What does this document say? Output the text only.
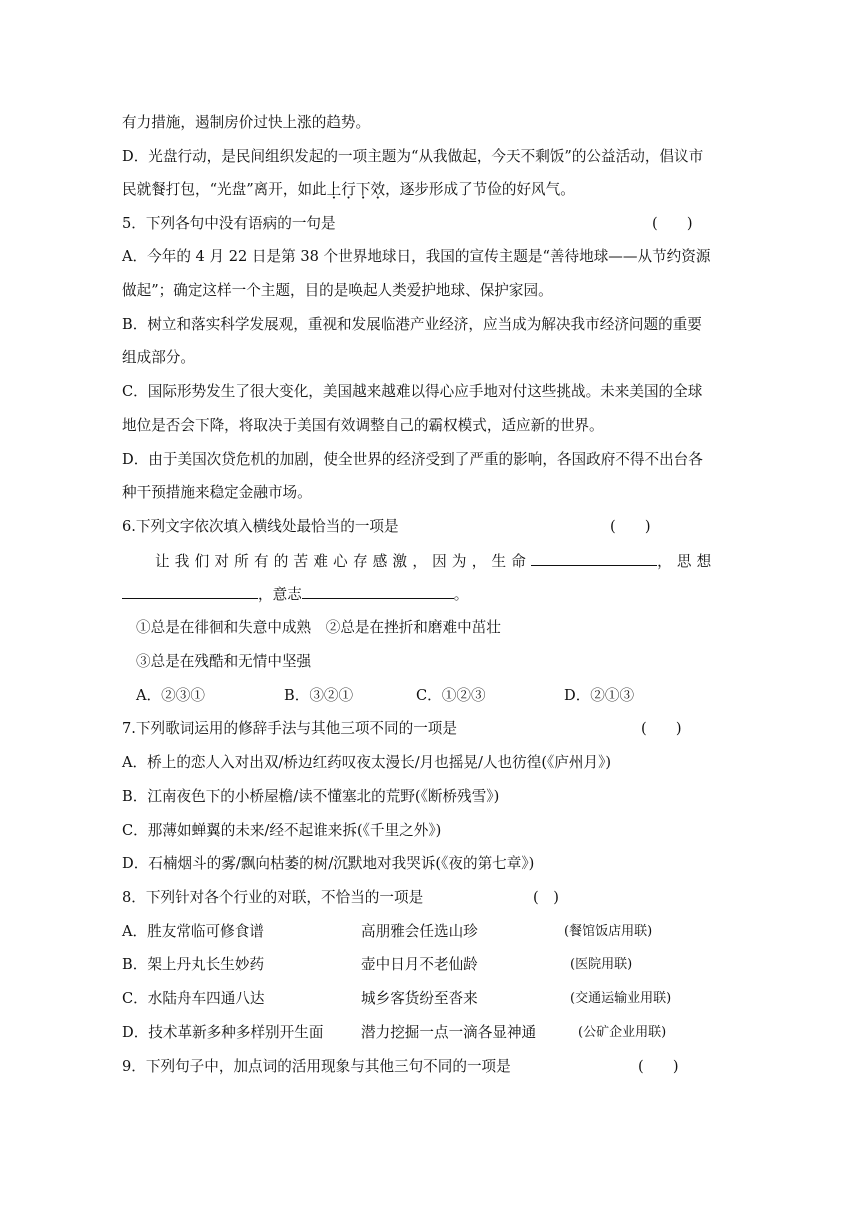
有力措施，遏制房价过快上涨的趋势。
D．光盘行动，是民间组织发起的一项主题为“从我做起，今天不剩饭”的公益活动，倡议市
民就餐打包，“光盘”离开，如此上行下效，逐步形成了节俭的好风气。
5．下列各句中没有语病的一句是	(　　)
A．今年的 4 月 22 日是第 38 个世界地球日，我国的宣传主题是“善待地球——从节约资源
做起”；确定这样一个主题，目的是唤起人类爱护地球、保护家园。
B．树立和落实科学发展观，重视和发展临港产业经济，应当成为解决我市经济问题的重要
组成部分。
C．国际形势发生了很大变化，美国越来越难以得心应手地对付这些挑战。未来美国的全球
地位是否会下降，将取决于美国有效调整自己的霸权模式，适应新的世界。
D．由于美国次贷危机的加剧，使全世界的经济受到了严重的影响，各国政府不得不出台各
种干预措施来稳定金融市场。
6.下列文字依次填入横线处最恰当的一项是	(　　)
让我们对所有的苦难心存感激，因为，生命	，思想
，意志	。
①总是在徘徊和失意中成熟　②总是在挫折和磨难中茁壮
③总是在残酷和无情中坚强
A．②③①	B．③②①	C．①②③	D．②①③
7.下列歌词运用的修辞手法与其他三项不同的一项是	(　　)
A．桥上的恋人入对出双/桥边红药叹夜太漫长/月也摇晃/人也彷徨(《庐州月》)
B．江南夜色下的小桥屋檐/读不懂塞北的荒野(《断桥残雪》)
C．那薄如蝉翼的未来/经不起谁来拆(《千里之外》)
D．石楠烟斗的雾/飘向枯萎的树/沉默地对我哭诉(《夜的第七章》)
8．下列针对各个行业的对联，不恰当的一项是	(　)
A．胜友常临可修食谱	高朋雅会任选山珍	(餐馆饭店用联)
B．架上丹丸长生妙药	壶中日月不老仙龄	(医院用联)
C．水陆舟车四通八达	城乡客货纷至沓来	(交通运输业用联)
D．技术革新多种多样别开生面	潜力挖掘一点一滴各显神通	(公矿企业用联)
9．下列句子中，加点词的活用现象与其他三句不同的一项是	(　　)
